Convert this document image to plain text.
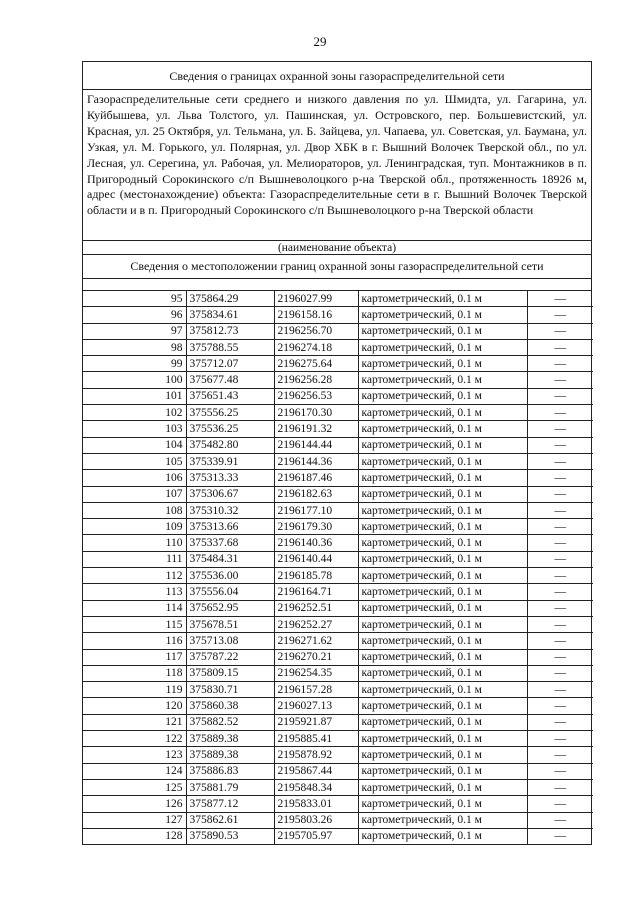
29
Сведения о границах охранной зоны газораспределительной сети
Газораспределительные сети среднего и низкого давления по ул. Шмидта, ул. Гагарина, ул. Куйбышева, ул. Льва Толстого, ул. Пашинская, ул. Островского, пер. Большевистский, ул. Красная, ул. 25 Октября, ул. Тельмана, ул. Б. Зайцева, ул. Чапаева, ул. Советская, ул. Баумана, ул. Узкая, ул. М. Горького, ул. Полярная, ул. Двор ХБК в г. Вышний Волочек Тверской обл., по ул. Лесная, ул. Серегина, ул. Рабочая, ул. Мелиораторов, ул. Ленинградская, туп. Монтажников в п. Пригородный Сорокинского с/п Вышневолоцкого р-на Тверской обл., протяженность 18926 м, адрес (местонахождение) объекта: Газораспределительные сети в г. Вышний Волочек Тверской области и в п. Пригородный Сорокинского с/п Вышневолоцкого р-на Тверской области
(наименование объекта)
Сведения о местоположении границ охранной зоны газораспределительной сети
95	375864.29	2196027.99	картометрический, 0.1 м	—
96	375834.61	2196158.16	картометрический, 0.1 м	—
97	375812.73	2196256.70	картометрический, 0.1 м	—
98	375788.55	2196274.18	картометрический, 0.1 м	—
99	375712.07	2196275.64	картометрический, 0.1 м	—
100	375677.48	2196256.28	картометрический, 0.1 м	—
101	375651.43	2196256.53	картометрический, 0.1 м	—
102	375556.25	2196170.30	картометрический, 0.1 м	—
103	375536.25	2196191.32	картометрический, 0.1 м	—
104	375482.80	2196144.44	картометрический, 0.1 м	—
105	375339.91	2196144.36	картометрический, 0.1 м	—
106	375313.33	2196187.46	картометрический, 0.1 м	—
107	375306.67	2196182.63	картометрический, 0.1 м	—
108	375310.32	2196177.10	картометрический, 0.1 м	—
109	375313.66	2196179.30	картометрический, 0.1 м	—
110	375337.68	2196140.36	картометрический, 0.1 м	—
111	375484.31	2196140.44	картометрический, 0.1 м	—
112	375536.00	2196185.78	картометрический, 0.1 м	—
113	375556.04	2196164.71	картометрический, 0.1 м	—
114	375652.95	2196252.51	картометрический, 0.1 м	—
115	375678.51	2196252.27	картометрический, 0.1 м	—
116	375713.08	2196271.62	картометрический, 0.1 м	—
117	375787.22	2196270.21	картометрический, 0.1 м	—
118	375809.15	2196254.35	картометрический, 0.1 м	—
119	375830.71	2196157.28	картометрический, 0.1 м	—
120	375860.38	2196027.13	картометрический, 0.1 м	—
121	375882.52	2195921.87	картометрический, 0.1 м	—
122	375889.38	2195885.41	картометрический, 0.1 м	—
123	375889.38	2195878.92	картометрический, 0.1 м	—
124	375886.83	2195867.44	картометрический, 0.1 м	—
125	375881.79	2195848.34	картометрический, 0.1 м	—
126	375877.12	2195833.01	картометрический, 0.1 м	—
127	375862.61	2195803.26	картометрический, 0.1 м	—
128	375890.53	2195705.97	картометрический, 0.1 м	—
